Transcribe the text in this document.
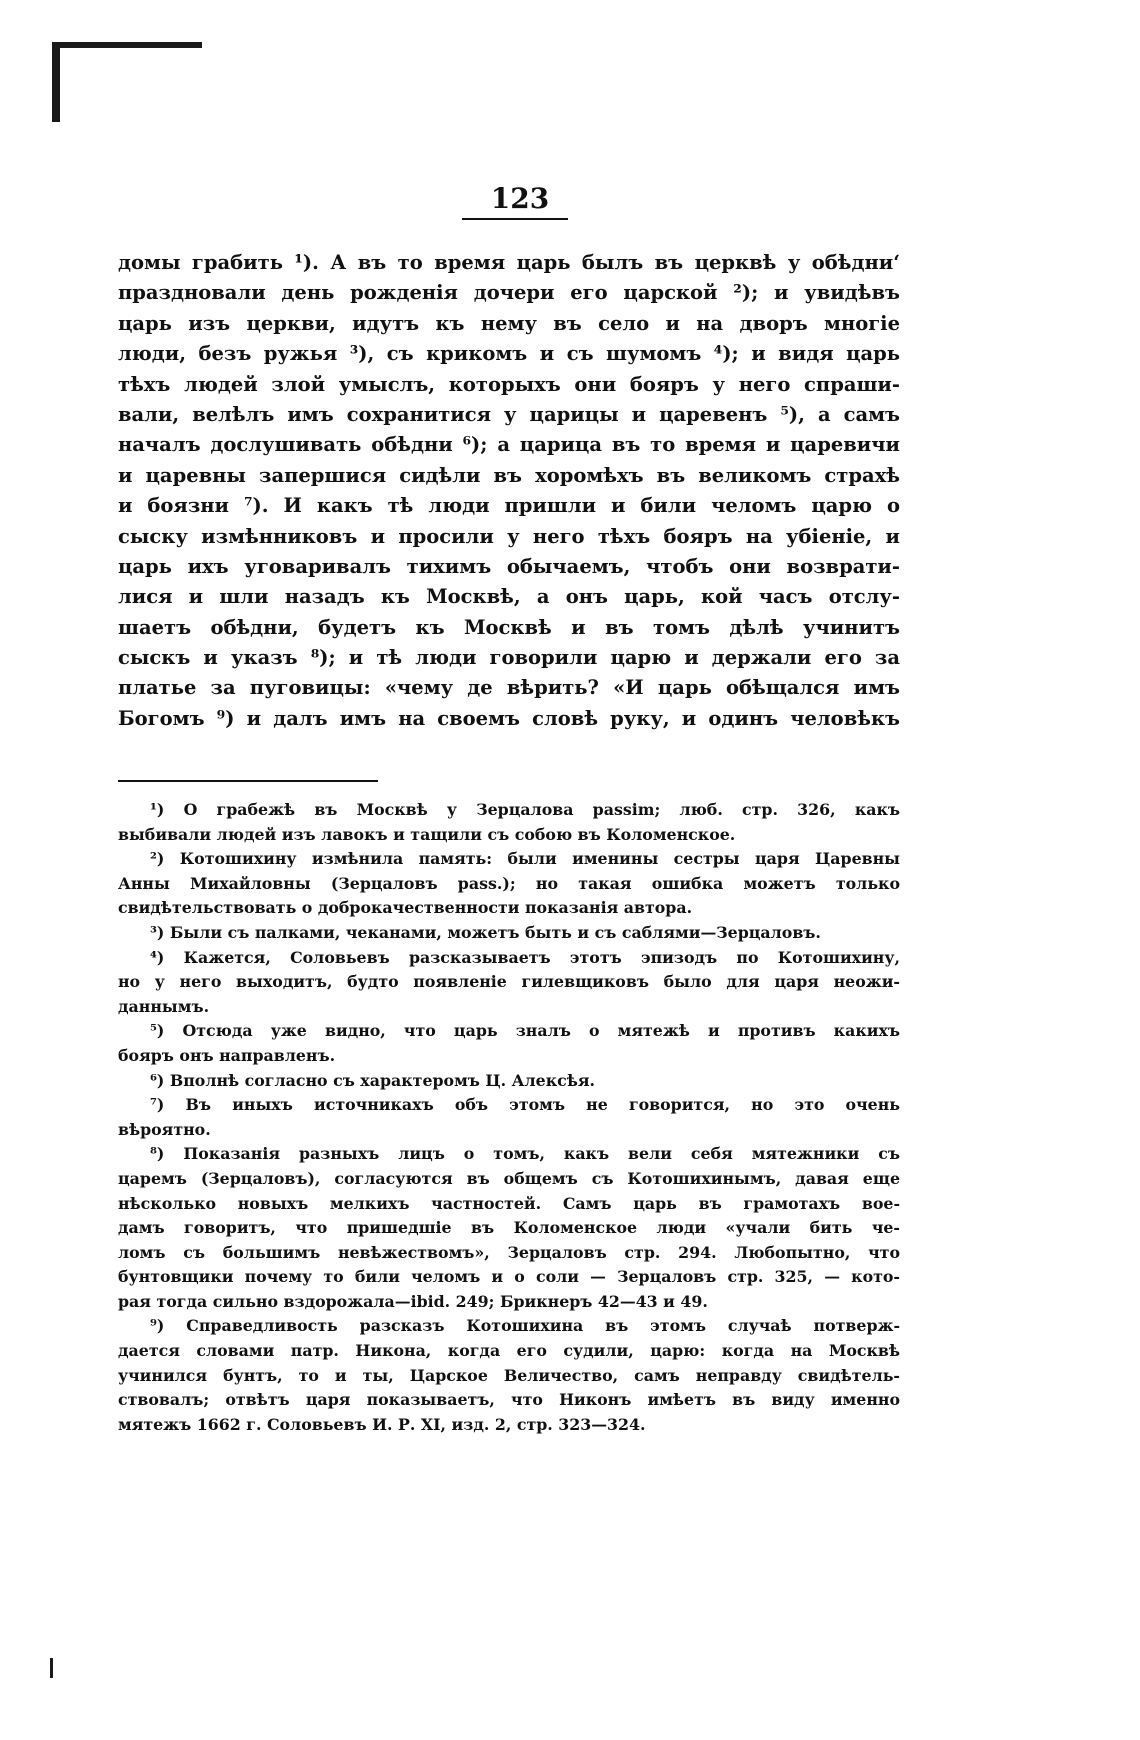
123
домы грабить ¹). А въ то время царь былъ въ церквѣ у обѣдни‘
праздновали день рожденія дочери его царской ²); и увидѣвъ
царь изъ церкви, идутъ къ нему въ село и на дворъ многіе
люди, безъ ружья ³), съ крикомъ и съ шумомъ ⁴); и видя царь
тѣхъ людей злой умыслъ, которыхъ они бояръ у него спраши-
вали, велѣлъ имъ сохранитися у царицы и царевенъ ⁵), а самъ
началъ дослушивать обѣдни ⁶); а царица въ то время и царевичи
и царевны запершися сидѣли въ хоромѣхъ въ великомъ страхѣ
и боязни ⁷). И какъ тѣ люди пришли и били челомъ царю о
сыску измѣнниковъ и просили у него тѣхъ бояръ на убіеніе, и
царь ихъ уговаривалъ тихимъ обычаемъ, чтобъ они возврати-
лися и шли назадъ къ Москвѣ, а онъ царь, кой часъ отслу-
шаетъ обѣдни, будетъ къ Москвѣ и въ томъ дѣлѣ учинитъ
сыскъ и указъ ⁸); и тѣ люди говорили царю и держали его за
платье за пуговицы: «чему де вѣрить? «И царь обѣщался имъ
Богомъ ⁹) и далъ имъ на своемъ словѣ руку, и одинъ человѣкъ
¹) О грабежѣ въ Москвѣ у Зерцалова passim; люб. стр. 326, какъ
выбивали людей изъ лавокъ и тащили съ собою въ Коломенское.
²) Котошихину измѣнила память: были именины сестры царя Царевны
Анны Михайловны (Зерцаловъ pass.); но такая ошибка можетъ только
свидѣтельствовать о доброкачественности показанія автора.
³) Были съ палками, чеканами, можетъ быть и съ саблями—Зерцаловъ.
⁴) Кажется, Соловьевъ разсказываетъ этотъ эпизодъ по Котошихину,
но у него выходитъ, будто появленіе гилевщиковъ было для царя неожи-
даннымъ.
⁵) Отсюда уже видно, что царь зналъ о мятежѣ и противъ какихъ
бояръ онъ направленъ.
⁶) Вполнѣ согласно съ характеромъ Ц. Алексѣя.
⁷) Въ иныхъ источникахъ объ этомъ не говорится, но это очень
вѣроятно.
⁸) Показанія разныхъ лицъ о томъ, какъ вели себя мятежники съ
царемъ (Зерцаловъ), согласуются въ общемъ съ Котошихинымъ, давая еще
нѣсколько новыхъ мелкихъ частностей. Самъ царь въ грамотахъ вое-
дамъ говоритъ, что пришедшіе въ Коломенское люди «учали бить че-
ломъ съ большимъ невѣжествомъ», Зерцаловъ стр. 294. Любопытно, что
бунтовщики почему то били челомъ и о соли — Зерцаловъ стр. 325, — кото-
рая тогда сильно вздорожала—ibid. 249; Брикнеръ 42—43 и 49.
⁹) Справедливость разсказъ Котошихина въ этомъ случаѣ потверж-
дается словами патр. Никона, когда его судили, царю: когда на Москвѣ
учинился бунтъ, то и ты, Царское Величество, самъ неправду свидѣтель-
ствовалъ; отвѣтъ царя показываетъ, что Никонъ имѣетъ въ виду именно
мятежъ 1662 г. Соловьевъ И. Р. XI, изд. 2, стр. 323—324.
